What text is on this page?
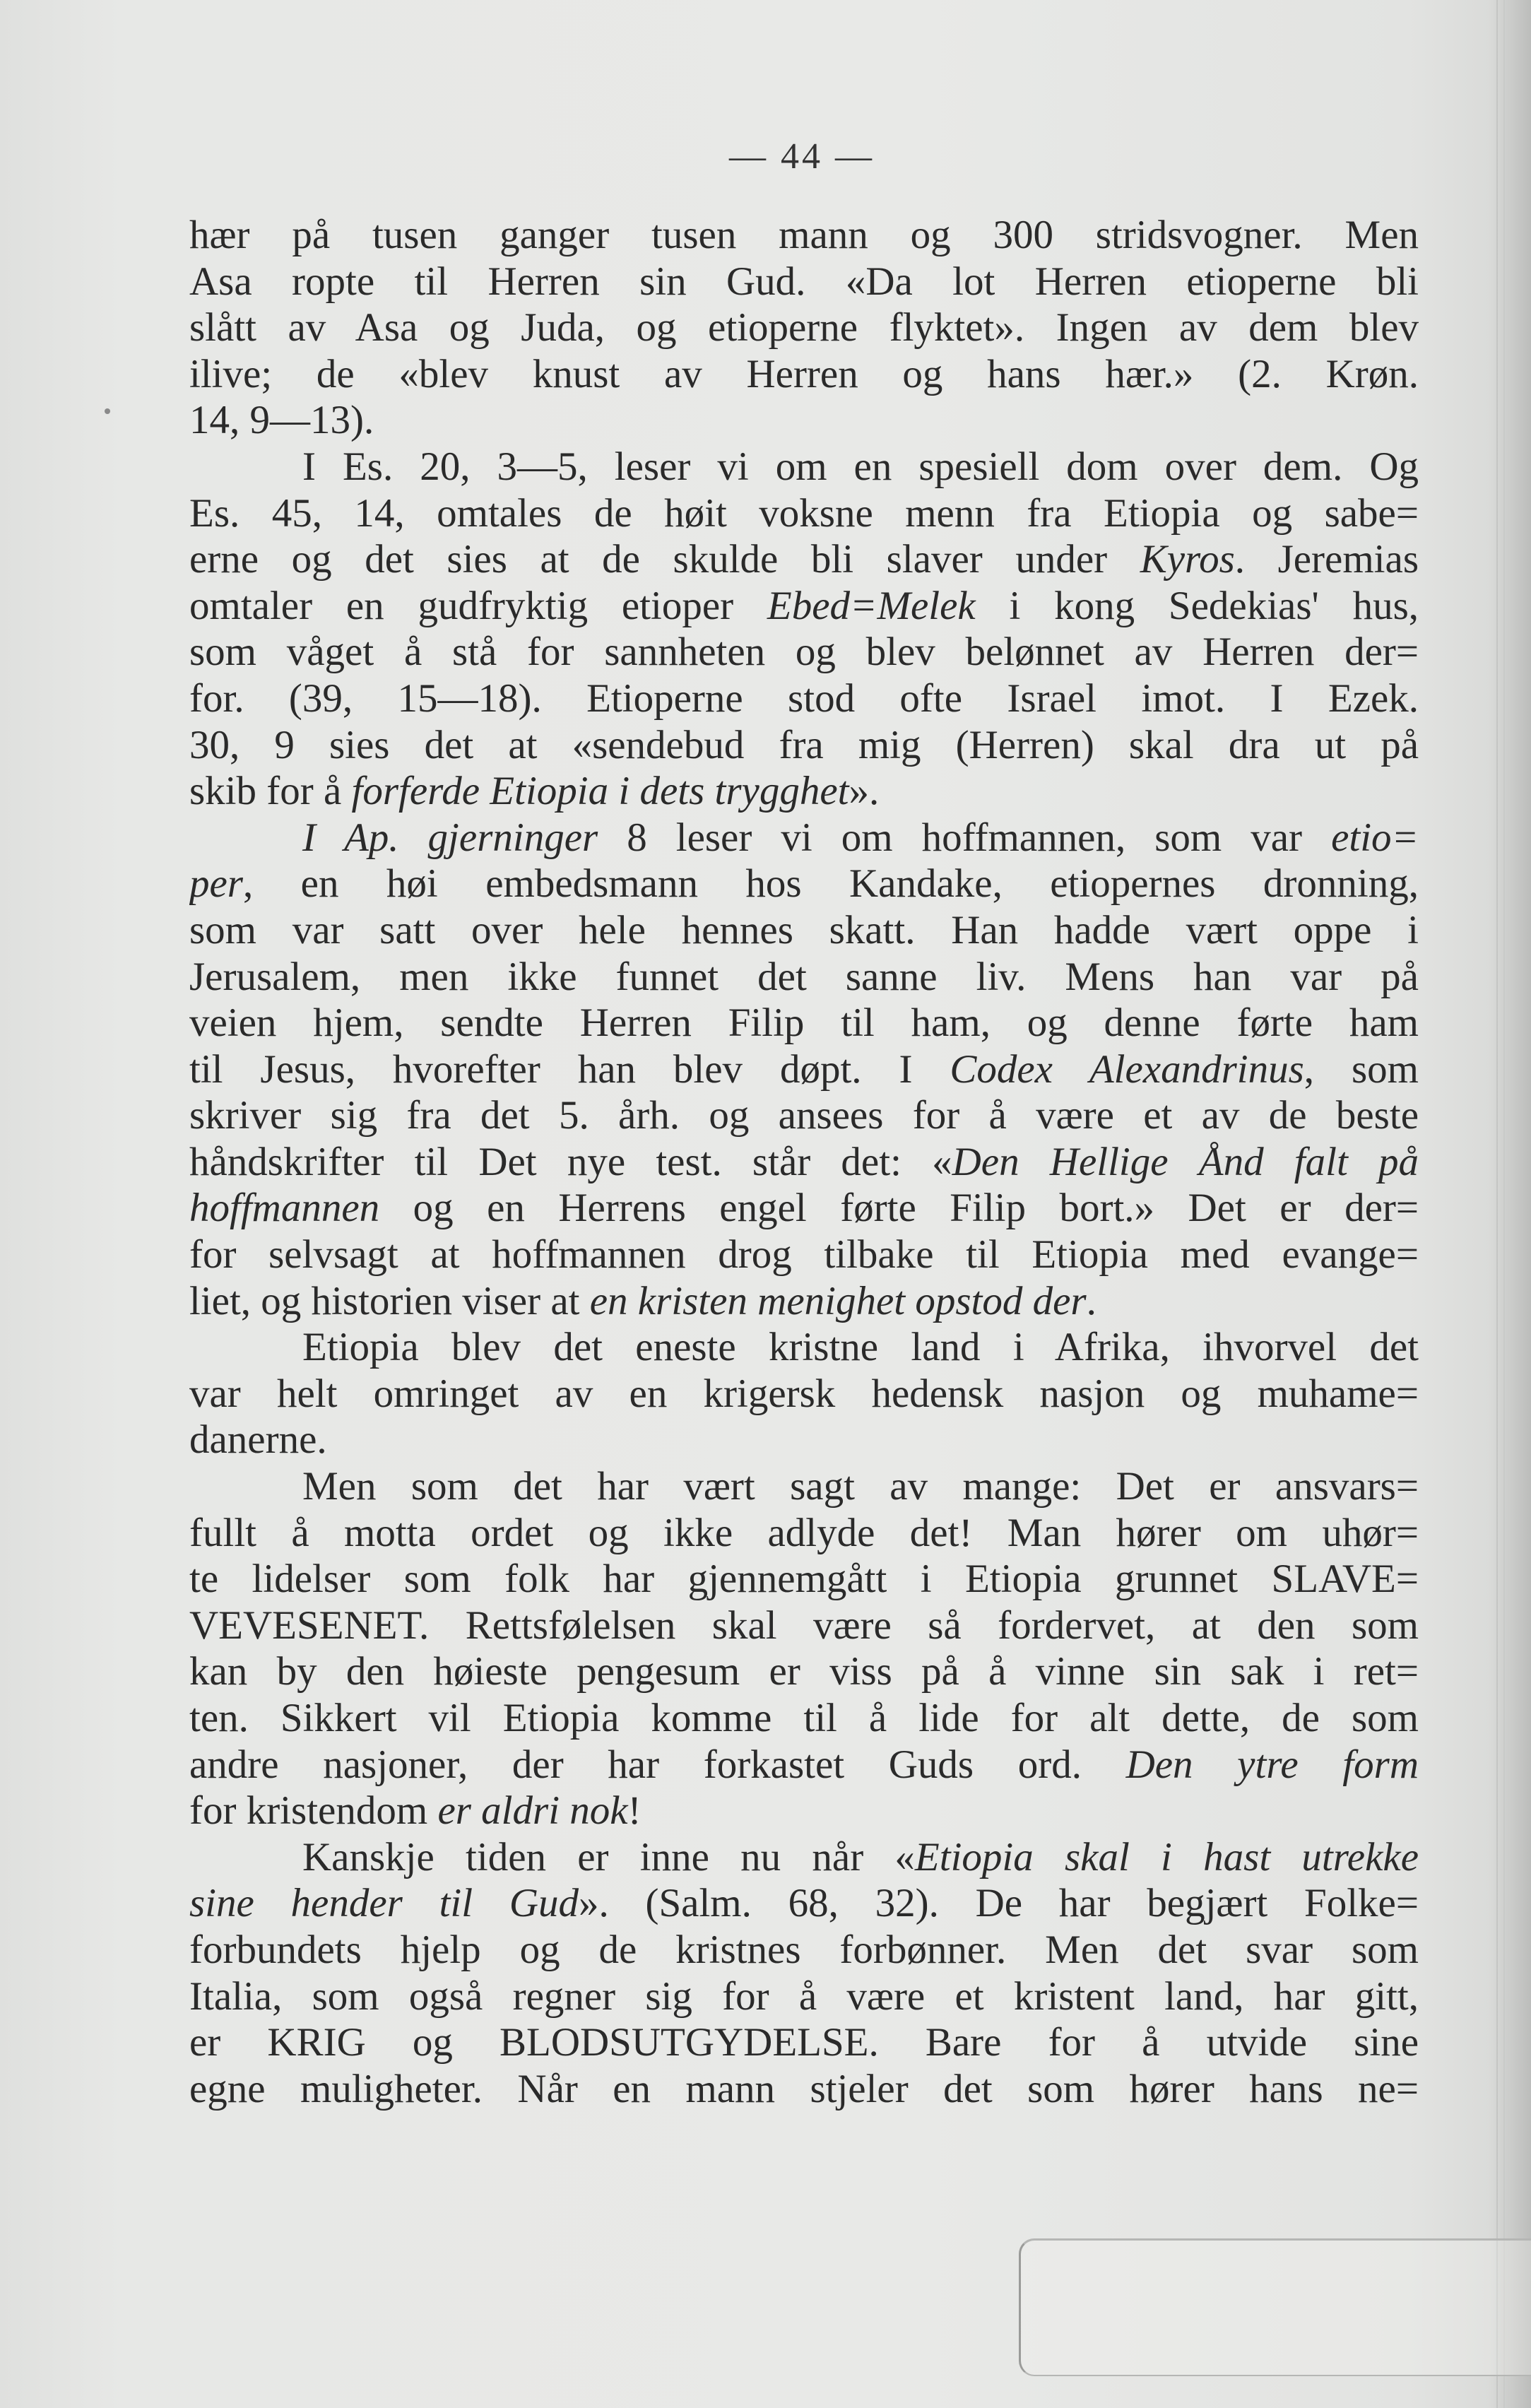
— 44 —
hær på tusen ganger tusen mann og 300 stridsvogner. Men
Asa ropte til Herren sin Gud. «Da lot Herren etioperne bli
slått av Asa og Juda, og etioperne flyktet». Ingen av dem blev
ilive; de «blev knust av Herren og hans hær.» (2. Krøn.
14, 9—13).
I Es. 20, 3—5, leser vi om en spesiell dom over dem. Og
Es. 45, 14, omtales de høit voksne menn fra Etiopia og sabe=
erne og det sies at de skulde bli slaver under Kyros. Jeremias
omtaler en gudfryktig etioper Ebed=Melek i kong Sedekias' hus,
som våget å stå for sannheten og blev belønnet av Herren der=
for. (39, 15—18). Etioperne stod ofte Israel imot. I Ezek.
30, 9 sies det at «sendebud fra mig (Herren) skal dra ut på
skib for å forferde Etiopia i dets trygghet».
I Ap. gjerninger 8 leser vi om hoffmannen, som var etio=
per, en høi embedsmann hos Kandake, etiopernes dronning,
som var satt over hele hennes skatt. Han hadde vært oppe i
Jerusalem, men ikke funnet det sanne liv. Mens han var på
veien hjem, sendte Herren Filip til ham, og denne førte ham
til Jesus, hvorefter han blev døpt. I Codex Alexandrinus, som
skriver sig fra det 5. årh. og ansees for å være et av de beste
håndskrifter til Det nye test. står det: «Den Hellige Ånd falt på
hoffmannen og en Herrens engel førte Filip bort.» Det er der=
for selvsagt at hoffmannen drog tilbake til Etiopia med evange=
liet, og historien viser at en kristen menighet opstod der.
Etiopia blev det eneste kristne land i Afrika, ihvorvel det
var helt omringet av en krigersk hedensk nasjon og muhame=
danerne.
Men som det har vært sagt av mange: Det er ansvars=
fullt å motta ordet og ikke adlyde det! Man hører om uhør=
te lidelser som folk har gjennemgått i Etiopia grunnet SLAVE=
VEVESENET. Rettsfølelsen skal være så fordervet, at den som
kan by den høieste pengesum er viss på å vinne sin sak i ret=
ten. Sikkert vil Etiopia komme til å lide for alt dette, de som
andre nasjoner, der har forkastet Guds ord. Den ytre form
for kristendom er aldri nok!
Kanskje tiden er inne nu når «Etiopia skal i hast utrekke
sine hender til Gud». (Salm. 68, 32). De har begjært Folke=
forbundets hjelp og de kristnes forbønner. Men det svar som
Italia, som også regner sig for å være et kristent land, har gitt,
er KRIG og BLODSUTGYDELSE. Bare for å utvide sine
egne muligheter. Når en mann stjeler det som hører hans ne=
